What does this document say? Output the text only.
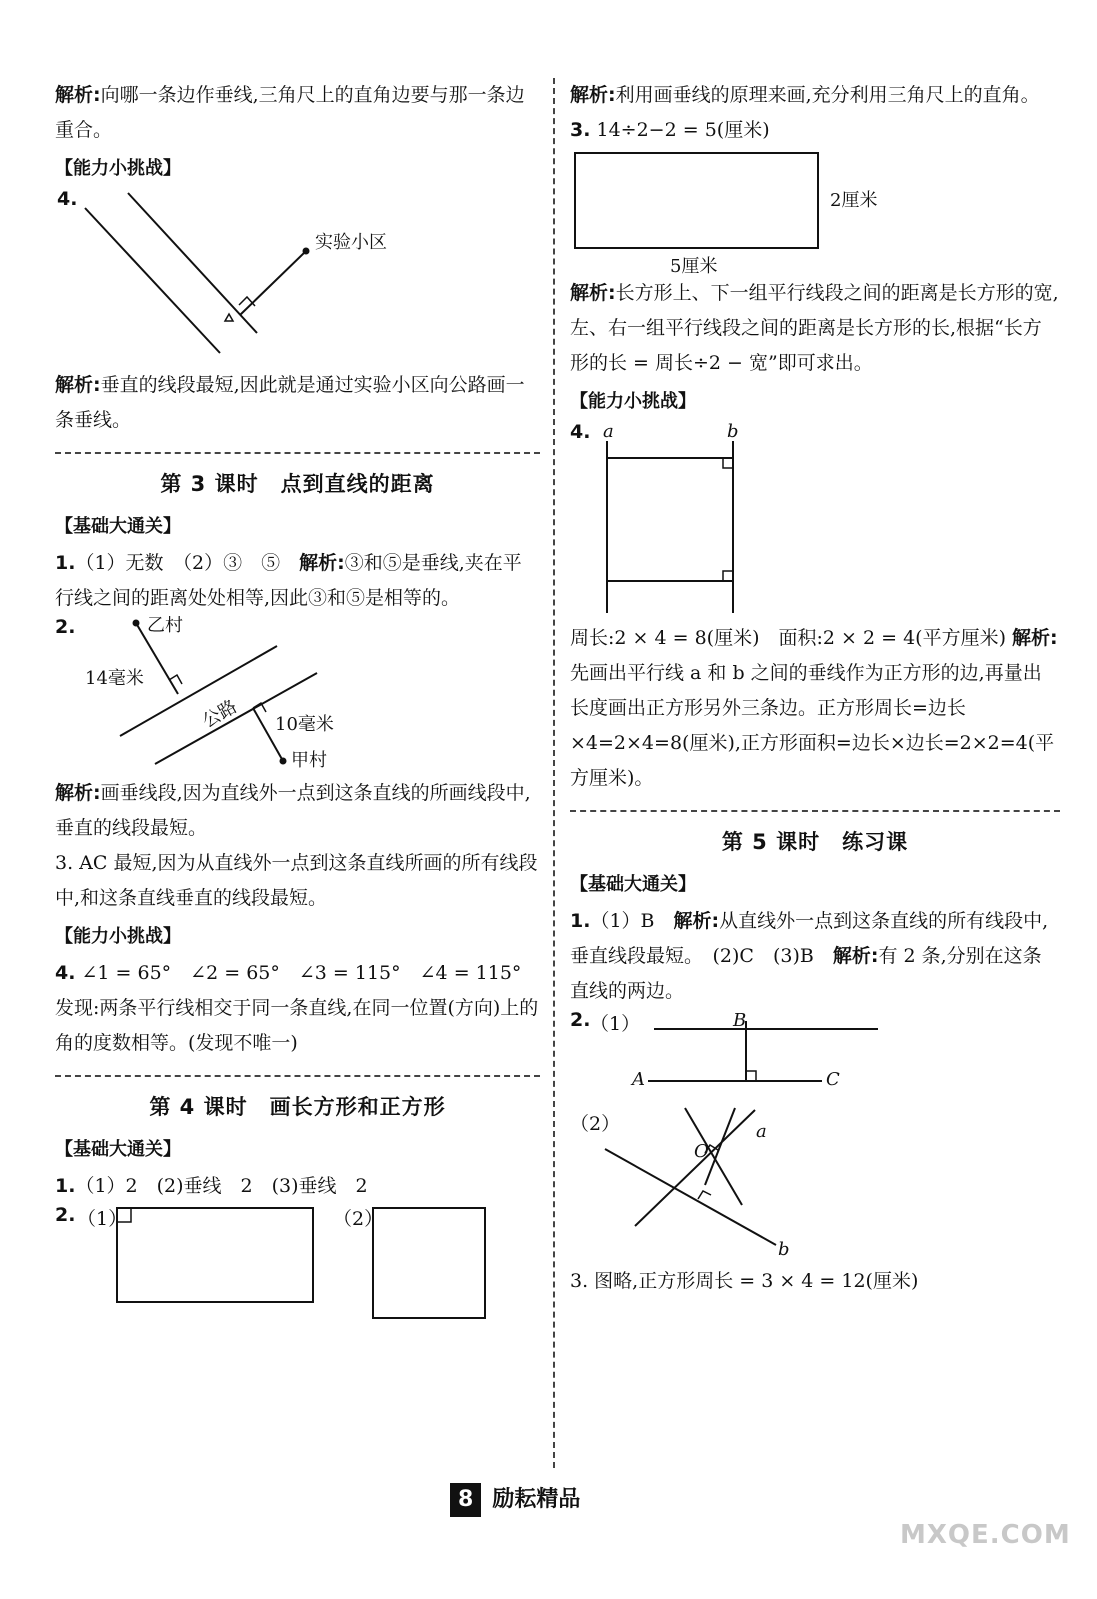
解析:向哪一条边作垂线,三角尺上的直角边要与那一条边重合。

【能力小挑战】
4.
实验小区

解析:垂直的线段最短,因此就是通过实验小区向公路画一条垂线。

第 3 课时　点到直线的距离
【基础大通关】

1.（1）无数　（2）③　⑤　解析:③和⑤是垂线,夹在平行线之间的距离处处相等,因此③和⑤是相等的。

2.	乙村
14毫米
公路 10毫米
甲村

解析:画垂线段,因为直线外一点到这条直线的所画线段中,垂直的线段最短。

3. AC 最短,因为从直线外一点到这条直线所画的所有线段中,和这条直线垂直的线段最短。

【能力小挑战】

4. ∠1 = 65°　∠2 = 65°　∠3 = 115°　∠4 = 115°
发现:两条平行线相交于同一条直线,在同一位置(方向)上的角的度数相等。(发现不唯一)

第 4 课时　画长方形和正方形
【基础大通关】

1.（1）2　(2)垂线　2　(3)垂线　2

2. （1）	（2）

解析:利用画垂线的原理来画,充分利用三角尺上的直角。

3. 14÷2−2 = 5(厘米)

2厘米
5厘米

解析:长方形上、下一组平行线段之间的距离是长方形的宽,左、右一组平行线段之间的距离是长方形的长,根据“长方形的长 = 周长÷2 − 宽”即可求出。

【能力小挑战】
4. a	b

周长:2 × 4 = 8(厘米)　面积:2 × 2 = 4(平方厘米) 解析:先画出平行线 a 和 b 之间的垂线作为正方形的边,再量出长度画出正方形另外三条边。正方形周长=边长×4=2×4=8(厘米),正方形面积=边长×边长=2×2=4(平方厘米)。

第 5 课时　练习课
【基础大通关】

1.（1）B　解析:从直线外一点到这条直线的所有线段中,垂直线段最短。　(2)C　(3)B　解析:有 2 条,分别在这条直线的两边。

2. （1）
（2）
B
A	C
O
a
b

3. 图略,正方形周长 = 3 × 4 = 12(厘米)

8 励耘精品
MXQE.COM
